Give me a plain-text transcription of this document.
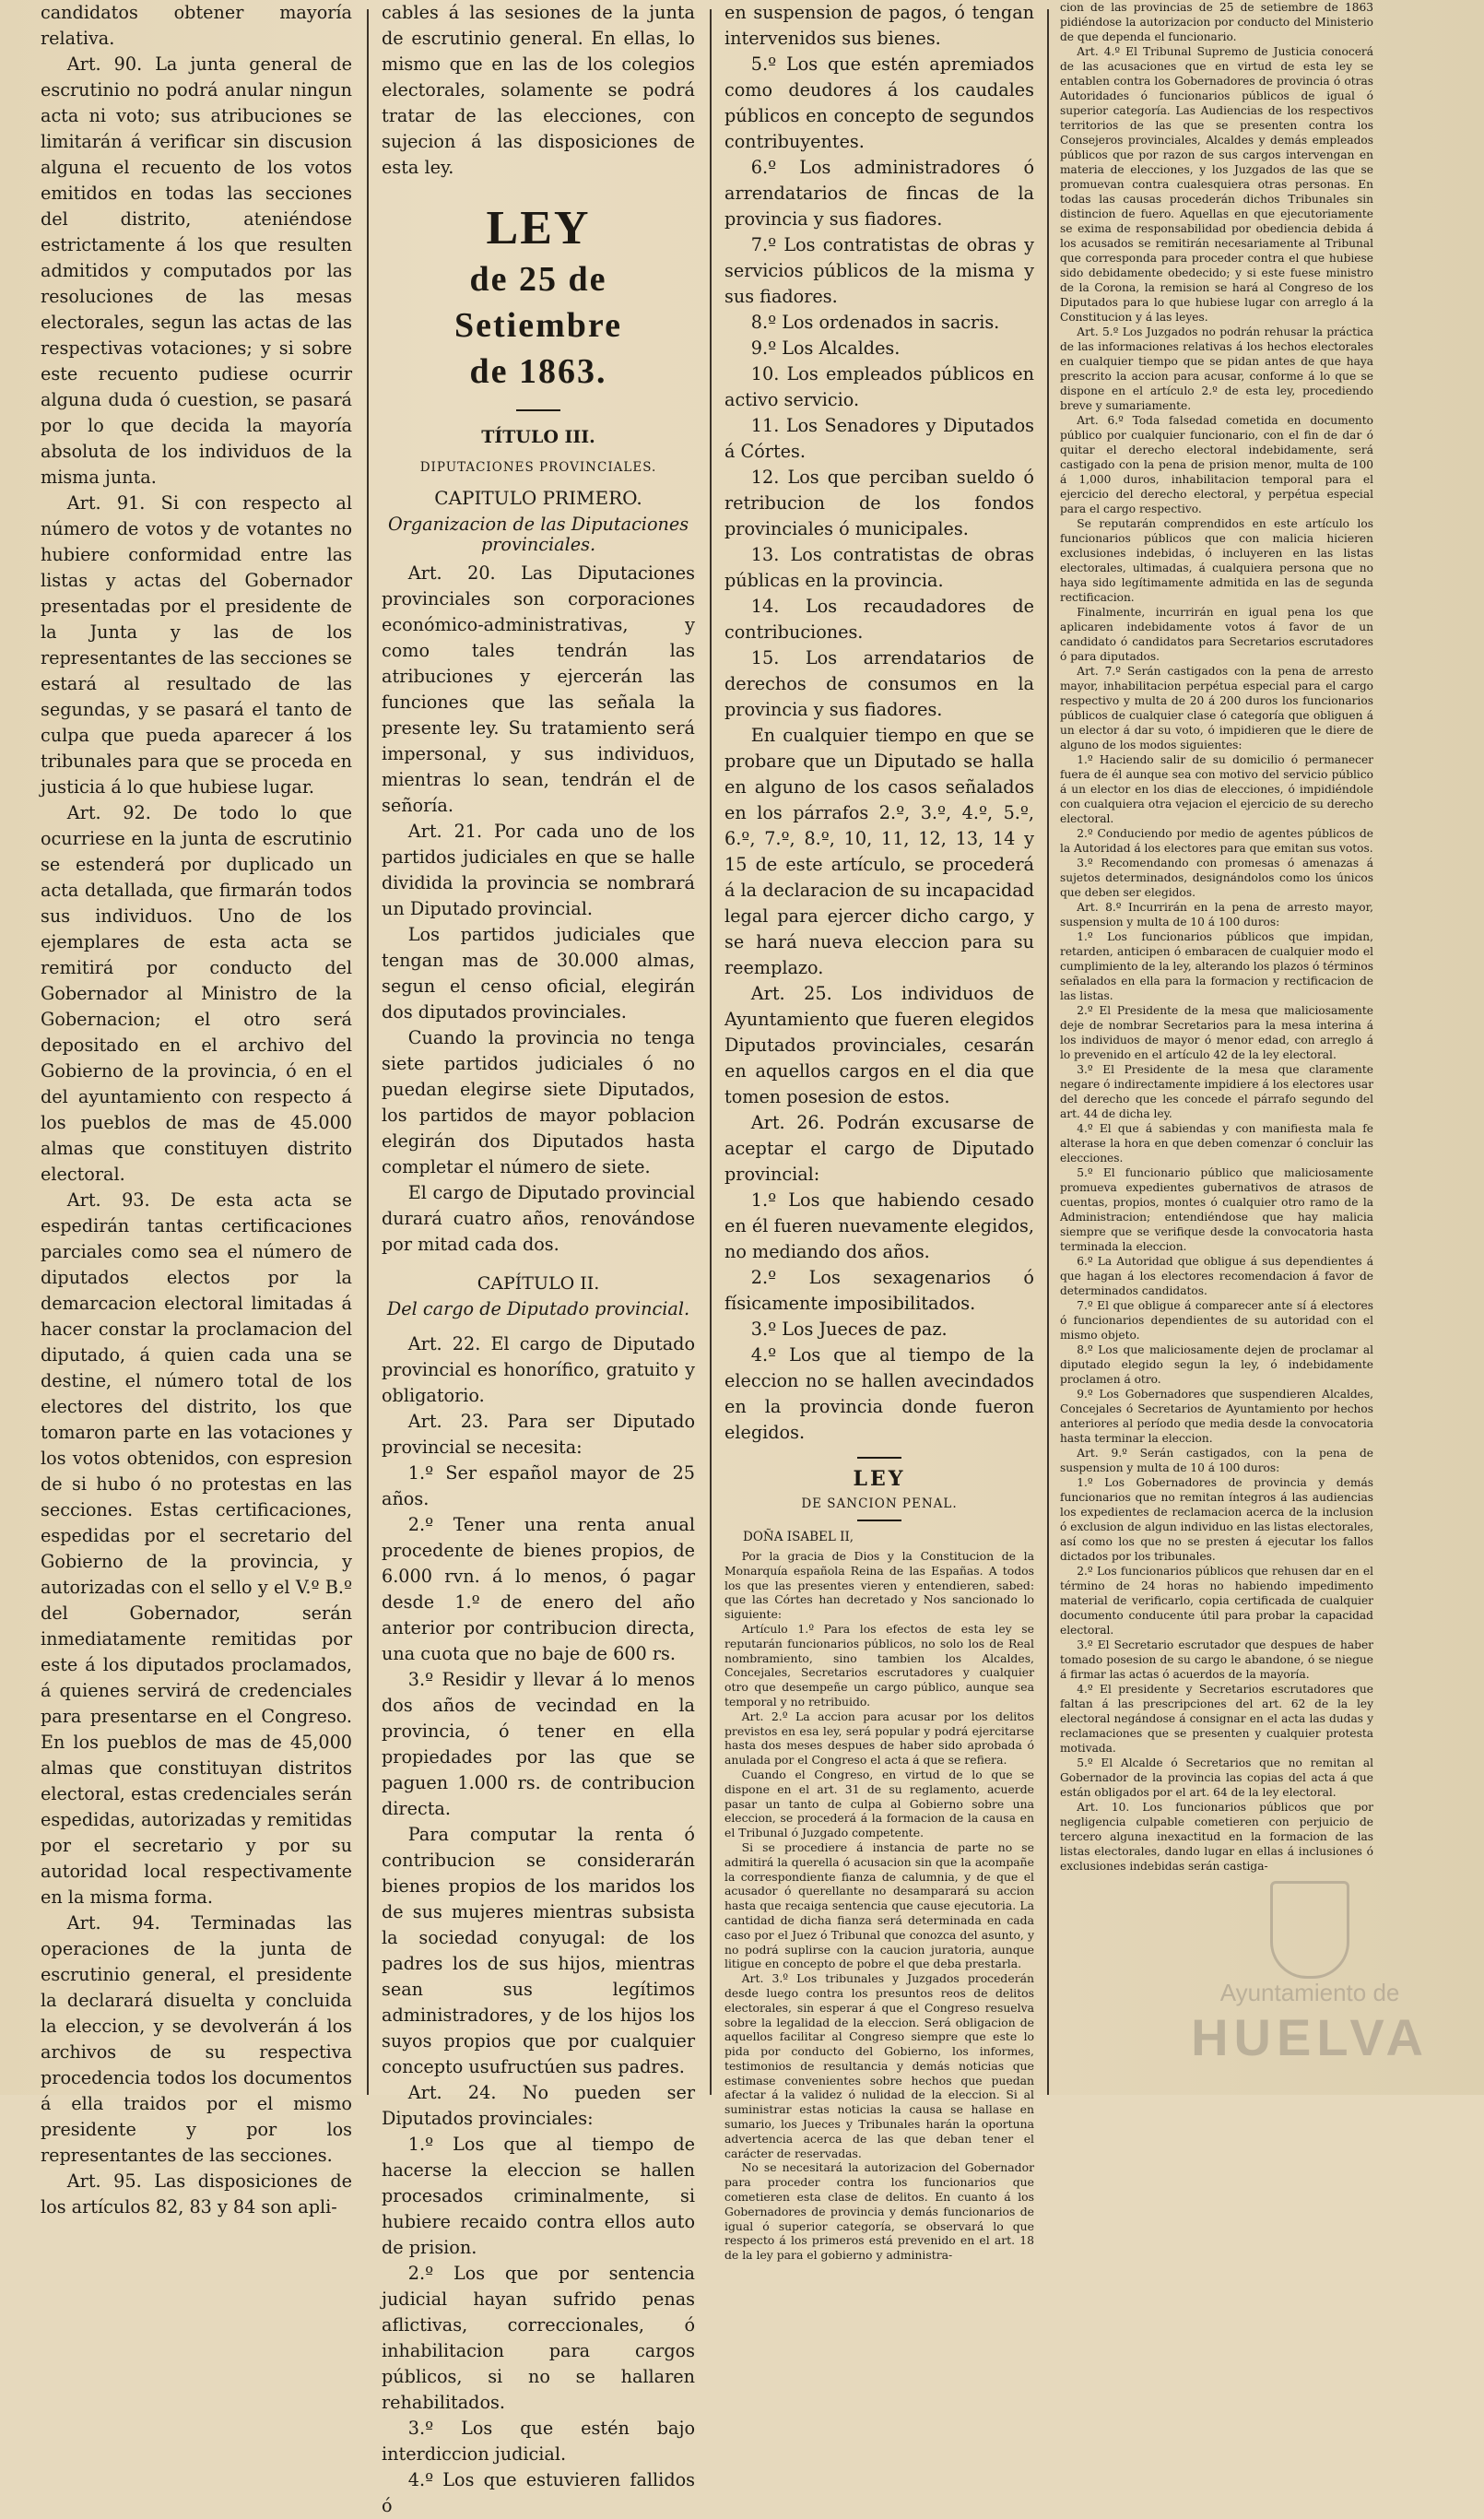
candidatos obtener mayoría relativa.

Art. 90. La junta general de escrutinio no podrá anular ningun acta ni voto; sus atribuciones se limitarán á verificar sin discusion alguna el recuento de los votos emitidos en todas las secciones del distrito, ateniéndose estrictamente á los que resulten admitidos y computados por las resoluciones de las mesas electorales, segun las actas de las respectivas votaciones; y si sobre este recuento pudiese ocurrir alguna duda ó cuestion, se pasará por lo que decida la mayoría absoluta de los individuos de la misma junta.

Art. 91. Si con respecto al número de votos y de votantes no hubiere conformidad entre las listas y actas del Gobernador presentadas por el presidente de la Junta y las de los representantes de las secciones se estará al resultado de las segundas, y se pasará el tanto de culpa que pueda aparecer á los tribunales para que se proceda en justicia á lo que hubiese lugar.

Art. 92. De todo lo que ocurriese en la junta de escrutinio se estenderá por duplicado un acta detallada, que firmarán todos sus individuos. Uno de los ejemplares de esta acta se remitirá por conducto del Gobernador al Ministro de la Gobernacion; el otro será depositado en el archivo del Gobierno de la provincia, ó en el del ayuntamiento con respecto á los pueblos de mas de 45.000 almas que constituyen distrito electoral.

Art. 93. De esta acta se espedirán tantas certificaciones parciales como sea el número de diputados electos por la demarcacion electoral limitadas á hacer constar la proclamacion del diputado, á quien cada una se destine, el número total de los electores del distrito, los que tomaron parte en las votaciones y los votos obtenidos, con espresion de si hubo ó no protestas en las secciones. Estas certificaciones, espedidas por el secretario del Gobierno de la provincia, y autorizadas con el sello y el V.º B.º del Gobernador, serán inmediatamente remitidas por este á los diputados proclamados, á quienes servirá de credenciales para presentarse en el Congreso. En los pueblos de mas de 45,000 almas que constituyan distritos electoral, estas credenciales serán espedidas, autorizadas y remitidas por el secretario y por su autoridad local respectivamente en la misma forma.

Art. 94. Terminadas las operaciones de la junta de escrutinio general, el presidente la declarará disuelta y concluida la eleccion, y se devolverán á los archivos de su respectiva procedencia todos los documentos á ella traidos por el mismo presidente y por los representantes de las secciones.

Art. 95. Las disposiciones de los artículos 82, 83 y 84 son apli-

cables á las sesiones de la junta de escrutinio general. En ellas, lo mismo que en las de los colegios electorales, solamente se podrá tratar de las elecciones, con sujecion á las disposiciones de esta ley.

LEY
de 25 de Setiembre
de 1863.
TÍTULO III.
DIPUTACIONES PROVINCIALES.
CAPITULO PRIMERO.
Organizacion de las Diputaciones provinciales.

Art. 20. Las Diputaciones provinciales son corporaciones económico-administrativas, y como tales tendrán las atribuciones y ejercerán las funciones que las señala la presente ley. Su tratamiento será impersonal, y sus individuos, mientras lo sean, tendrán el de señoría.

Art. 21. Por cada uno de los partidos judiciales en que se halle dividida la provincia se nombrará un Diputado provincial.

Los partidos judiciales que tengan mas de 30.000 almas, segun el censo oficial, elegirán dos diputados provinciales.

Cuando la provincia no tenga siete partidos judiciales ó no puedan elegirse siete Diputados, los partidos de mayor poblacion elegirán dos Diputados hasta completar el número de siete.

El cargo de Diputado provincial durará cuatro años, renovándose por mitad cada dos.

CAPÍTULO II.
Del cargo de Diputado provincial.

Art. 22. El cargo de Diputado provincial es honorífico, gratuito y obligatorio.

Art. 23. Para ser Diputado provincial se necesita:

1.º Ser español mayor de 25 años.

2.º Tener una renta anual procedente de bienes propios, de 6.000 rvn. á lo menos, ó pagar desde 1.º de enero del año anterior por contribucion directa, una cuota que no baje de 600 rs.

3.º Residir y llevar á lo menos dos años de vecindad en la provincia, ó tener en ella propiedades por las que se paguen 1.000 rs. de contribucion directa.

Para computar la renta ó contribucion se considerarán bienes propios de los maridos los de sus mujeres mientras subsista la sociedad conyugal: de los padres los de sus hijos, mientras sean sus legítimos administradores, y de los hijos los suyos propios que por cualquier concepto usufructúen sus padres.

Art. 24. No pueden ser Diputados provinciales:

1.º Los que al tiempo de hacerse la eleccion se hallen procesados criminalmente, si hubiere recaido contra ellos auto de prision.

2.º Los que por sentencia judicial hayan sufrido penas aflictivas, correccionales, ó inhabilitacion para cargos públicos, si no se hallaren rehabilitados.

3.º Los que estén bajo interdiccion judicial.

4.º Los que estuvieren fallidos ó

en suspension de pagos, ó tengan intervenidos sus bienes.

5.º Los que estén apremiados como deudores á los caudales públicos en concepto de segundos contribuyentes.

6.º Los administradores ó arrendatarios de fincas de la provincia y sus fiadores.

7.º Los contratistas de obras y servicios públicos de la misma y sus fiadores.

8.º Los ordenados in sacris.

9.º Los Alcaldes.

10. Los empleados públicos en activo servicio.

11. Los Senadores y Diputados á Córtes.

12. Los que perciban sueldo ó retribucion de los fondos provinciales ó municipales.

13. Los contratistas de obras públicas en la provincia.

14. Los recaudadores de contribuciones.

15. Los arrendatarios de derechos de consumos en la provincia y sus fiadores.

En cualquier tiempo en que se probare que un Diputado se halla en alguno de los casos señalados en los párrafos 2.º, 3.º, 4.º, 5.º, 6.º, 7.º, 8.º, 10, 11, 12, 13, 14 y 15 de este artículo, se procederá á la declaracion de su incapacidad legal para ejercer dicho cargo, y se hará nueva eleccion para su reemplazo.

Art. 25. Los individuos de Ayuntamiento que fueren elegidos Diputados provinciales, cesarán en aquellos cargos en el dia que tomen posesion de estos.

Art. 26. Podrán excusarse de aceptar el cargo de Diputado provincial:

1.º Los que habiendo cesado en él fueren nuevamente elegidos, no mediando dos años.

2.º Los sexagenarios ó físicamente imposibilitados.

3.º Los Jueces de paz.

4.º Los que al tiempo de la eleccion no se hallen avecindados en la provincia donde fueron elegidos.

LEY
DE SANCION PENAL.
DOÑA ISABEL II,

Por la gracia de Dios y la Constitucion de la Monarquía española Reina de las Españas. A todos los que las presentes vieren y entendieren, sabed: que las Córtes han decretado y Nos sancionado lo siguiente:

Artículo 1.º Para los efectos de esta ley se reputarán funcionarios públicos, no solo los de Real nombramiento, sino tambien los Alcaldes, Concejales, Secretarios escrutadores y cualquier otro que desempeñe un cargo público, aunque sea temporal y no retribuido.

Art. 2.º La accion para acusar por los delitos previstos en esa ley, será popular y podrá ejercitarse hasta dos meses despues de haber sido aprobada ó anulada por el Congreso el acta á que se refiera.

Cuando el Congreso, en virtud de lo que se dispone en el art. 31 de su reglamento, acuerde pasar un tanto de culpa al Gobierno sobre una eleccion, se procederá á la formacion de la causa en el Tribunal ó Juzgado competente.

Si se procediere á instancia de parte no se admitirá la querella ó acusacion sin que la acompañe la correspondiente fianza de calumnia, y de que el acusador ó querellante no desamparará su accion hasta que recaiga sentencia que cause ejecutoria. La cantidad de dicha fianza será determinada en cada caso por el Juez ó Tribunal que conozca del asunto, y no podrá suplirse con la caucion juratoria, aunque litigue en concepto de pobre el que deba prestarla.

Art. 3.º Los tribunales y Juzgados procederán desde luego contra los presuntos reos de delitos electorales, sin esperar á que el Congreso resuelva sobre la legalidad de la eleccion. Será obligacion de aquellos facilitar al Congreso siempre que este lo pida por conducto del Gobierno, los informes, testimonios de resultancia y demás noticias que estimase convenientes sobre hechos que puedan afectar á la validez ó nulidad de la eleccion. Si al suministrar estas noticias la causa se hallase en sumario, los Jueces y Tribunales harán la oportuna advertencia acerca de las que deban tener el carácter de reservadas.

No se necesitará la autorizacion del Gobernador para proceder contra los funcionarios que cometieren esta clase de delitos. En cuanto á los Gobernadores de provincia y demás funcionarios de igual ó superior categoría, se observará lo que respecto á los primeros está prevenido en el art. 18 de la ley para el gobierno y administra-

cion de las provincias de 25 de setiembre de 1863 pidiéndose la autorizacion por conducto del Ministerio de que dependa el funcionario.

Art. 4.º El Tribunal Supremo de Justicia conocerá de las acusaciones que en virtud de esta ley se entablen contra los Gobernadores de provincia ó otras Autoridades ó funcionarios públicos de igual ó superior categoría. Las Audiencias de los respectivos territorios de las que se presenten contra los Consejeros provinciales, Alcaldes y demás empleados públicos que por razon de sus cargos intervengan en materia de elecciones, y los Juzgados de las que se promuevan contra cualesquiera otras personas. En todas las causas procederán dichos Tribunales sin distincion de fuero. Aquellas en que ejecutoriamente se exima de responsabilidad por obediencia debida á los acusados se remitirán necesariamente al Tribunal que corresponda para proceder contra el que hubiese sido debidamente obedecido; y si este fuese ministro de la Corona, la remision se hará al Congreso de los Diputados para lo que hubiese lugar con arreglo á la Constitucion y á las leyes.

Art. 5.º Los Juzgados no podrán rehusar la práctica de las informaciones relativas á los hechos electorales en cualquier tiempo que se pidan antes de que haya prescrito la accion para acusar, conforme á lo que se dispone en el artículo 2.º de esta ley, procediendo breve y sumariamente.

Art. 6.º Toda falsedad cometida en documento público por cualquier funcionario, con el fin de dar ó quitar el derecho electoral indebidamente, será castigado con la pena de prision menor, multa de 100 á 1,000 duros, inhabilitacion temporal para el ejercicio del derecho electoral, y perpétua especial para el cargo respectivo.

Se reputarán comprendidos en este artículo los funcionarios públicos que con malicia hicieren exclusiones indebidas, ó incluyeren en las listas electorales, ultimadas, á cualquiera persona que no haya sido legítimamente admitida en las de segunda rectificacion.

Finalmente, incurrirán en igual pena los que aplicaren indebidamente votos á favor de un candidato ó candidatos para Secretarios escrutadores ó para diputados.

Art. 7.º Serán castigados con la pena de arresto mayor, inhabilitacion perpétua especial para el cargo respectivo y multa de 20 á 200 duros los funcionarios públicos de cualquier clase ó categoría que obliguen á un elector á dar su voto, ó impidieren que le diere de alguno de los modos siguientes:

1.º Haciendo salir de su domicilio ó permanecer fuera de él aunque sea con motivo del servicio público á un elector en los dias de elecciones, ó impidiéndole con cualquiera otra vejacion el ejercicio de su derecho electoral.

2.º Conduciendo por medio de agentes públicos de la Autoridad á los electores para que emitan sus votos.

3.º Recomendando con promesas ó amenazas á sujetos determinados, designándolos como los únicos que deben ser elegidos.

Art. 8.º Incurrirán en la pena de arresto mayor, suspension y multa de 10 á 100 duros:

1.º Los funcionarios públicos que impidan, retarden, anticipen ó embaracen de cualquier modo el cumplimiento de la ley, alterando los plazos ó términos señalados en ella para la formacion y rectificacion de las listas.

2.º El Presidente de la mesa que maliciosamente deje de nombrar Secretarios para la mesa interina á los individuos de mayor ó menor edad, con arreglo á lo prevenido en el artículo 42 de la ley electoral.

3.º El Presidente de la mesa que claramente negare ó indirectamente impidiere á los electores usar del derecho que les concede el párrafo segundo del art. 44 de dicha ley.

4.º El que á sabiendas y con manifiesta mala fe alterase la hora en que deben comenzar ó concluir las elecciones.

5.º El funcionario público que maliciosamente promueva expedientes gubernativos de atrasos de cuentas, propios, montes ó cualquier otro ramo de la Administracion; entendiéndose que hay malicia siempre que se verifique desde la convocatoria hasta terminada la eleccion.

6.º La Autoridad que obligue á sus dependientes á que hagan á los electores recomendacion á favor de determinados candidatos.

7.º El que obligue á comparecer ante sí á electores ó funcionarios dependientes de su autoridad con el mismo objeto.

8.º Los que maliciosamente dejen de proclamar al diputado elegido segun la ley, ó indebidamente proclamen á otro.

9.º Los Gobernadores que suspendieren Alcaldes, Concejales ó Secretarios de Ayuntamiento por hechos anteriores al período que media desde la convocatoria hasta terminar la eleccion.

Art. 9.º Serán castigados, con la pena de suspension y multa de 10 á 100 duros:

1.º Los Gobernadores de provincia y demás funcionarios que no remitan íntegros á las audiencias los expedientes de reclamacion acerca de la inclusion ó exclusion de algun individuo en las listas electorales, así como los que no se presten á ejecutar los fallos dictados por los tribunales.

2.º Los funcionarios públicos que rehusen dar en el término de 24 horas no habiendo impedimento material de verificarlo, copia certificada de cualquier documento conducente útil para probar la capacidad electoral.

3.º El Secretario escrutador que despues de haber tomado posesion de su cargo le abandone, ó se niegue á firmar las actas ó acuerdos de la mayoría.

4.º El presidente y Secretarios escrutadores que faltan á las prescripciones del art. 62 de la ley electoral negándose á consignar en el acta las dudas y reclamaciones que se presenten y cualquier protesta motivada.

5.º El Alcalde ó Secretarios que no remitan al Gobernador de la provincia las copias del acta á que están obligados por el art. 64 de la ley electoral.

Art. 10. Los funcionarios públicos que por negligencia culpable cometieren con perjuicio de tercero alguna inexactitud en la formacion de las listas electorales, dando lugar en ellas á inclusiones ó exclusiones indebidas serán castiga-

Ayuntamiento de
HUELVA
